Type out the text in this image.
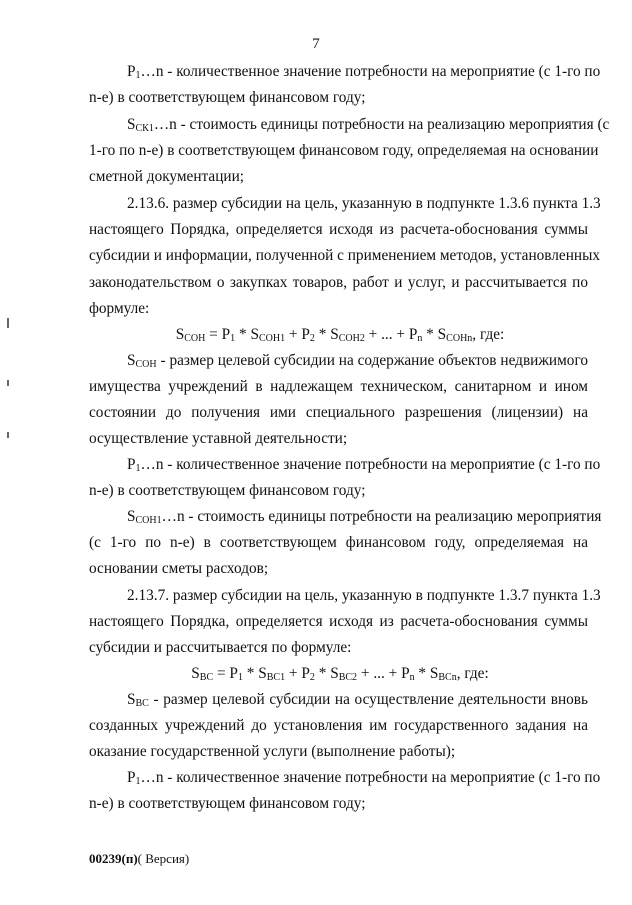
7
$P_1\dots n$ - количественное значение потребности на мероприятие (с 1-го по
n-е) в соответствующем финансовом году;
$S_{СК1}\dots n$ - стоимость единицы потребности на реализацию мероприятия (с
1-го по n-е) в соответствующем финансовом году, определяемая на основании
сметной документации;
2.13.6. размер субсидии на цель, указанную в подпункте 1.3.6 пункта 1.3
настоящего Порядка, определяется исходя из расчета-обоснования суммы
субсидии и информации, полученной с применением методов, установленных
законодательством о закупках товаров, работ и услуг, и рассчитывается по
формуле:
$S_{СОН} = P_1 * S_{СОН1} + P_2 * S_{СОН2}$ + ... + $P_n * S_{СОНn}$, где:
$S_{СОН}$ - размер целевой субсидии на содержание объектов недвижимого
имущества учреждений в надлежащем техническом, санитарном и ином
состоянии до получения ими специального разрешения (лицензии) на
осуществление уставной деятельности;
$P_1\dots n$ - количественное значение потребности на мероприятие (с 1-го по
n-е) в соответствующем финансовом году;
$S_{СОН1}\dots n$ - стоимость единицы потребности на реализацию мероприятия
(с 1-го по n-е) в соответствующем финансовом году, определяемая на
основании сметы расходов;
2.13.7. размер субсидии на цель, указанную в подпункте 1.3.7 пункта 1.3
настоящего Порядка, определяется исходя из расчета-обоснования суммы
субсидии и рассчитывается по формуле:
$S_{ВС} = P_1 * S_{ВС1} + P_2 * S_{ВС2}$ + ... + $P_n * S_{ВСn}$, где:
$S_{ВС}$ - размер целевой субсидии на осуществление деятельности вновь
созданных учреждений до установления им государственного задания на
оказание государственной услуги (выполнение работы);
$P_1\dots n$ - количественное значение потребности на мероприятие (с 1-го по
n-е) в соответствующем финансовом году;
00239(п)( Версия)
